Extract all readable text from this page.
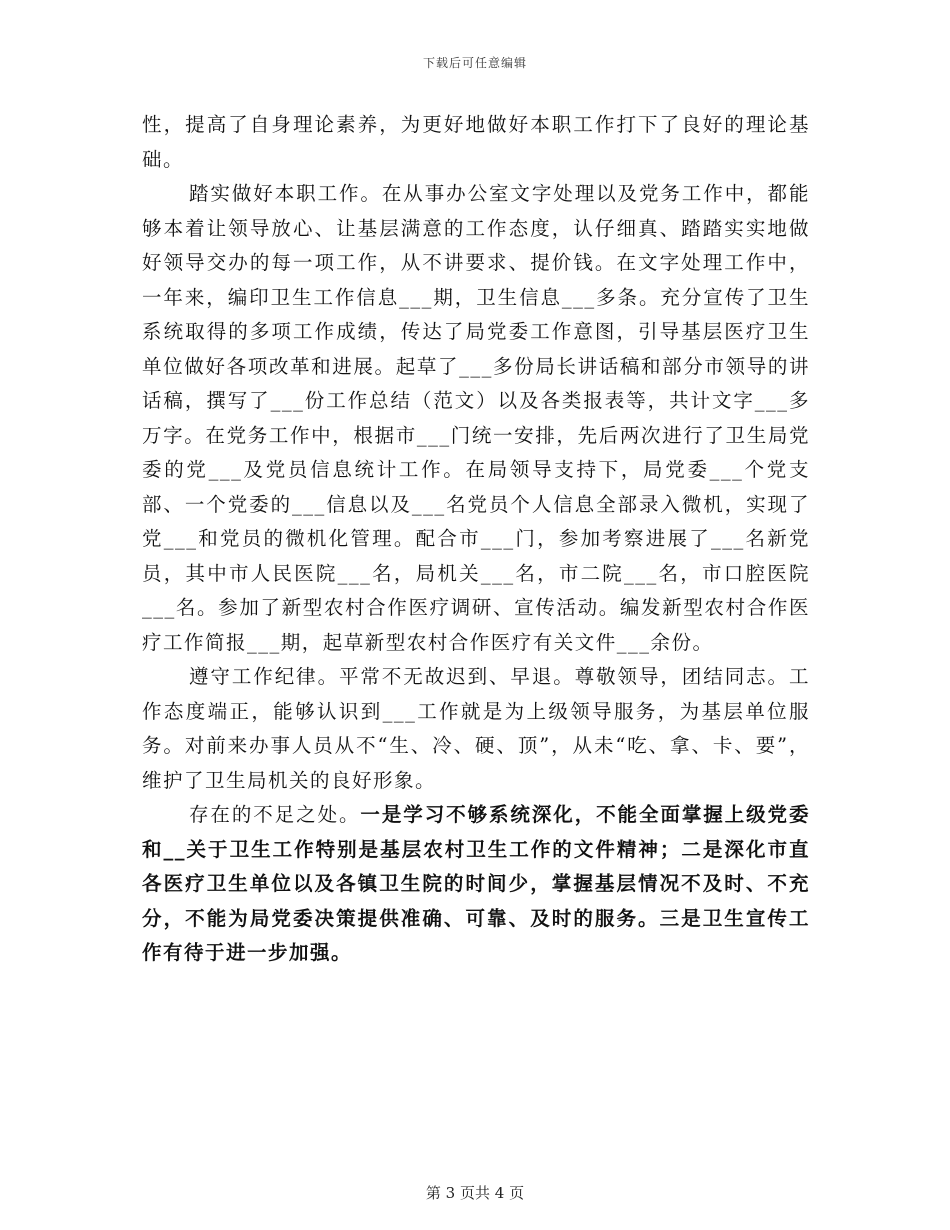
下载后可任意编辑

性，提高了自身理论素养，为更好地做好本职工作打下了良好的理论基础。

踏实做好本职工作。在从事办公室文字处理以及党务工作中，都能够本着让领导放心、让基层满意的工作态度，认仔细真、踏踏实实地做好领导交办的每一项工作，从不讲要求、提价钱。在文字处理工作中，一年来，编印卫生工作信息___期，卫生信息___多条。充分宣传了卫生系统取得的多项工作成绩，传达了局党委工作意图，引导基层医疗卫生单位做好各项改革和进展。起草了___多份局长讲话稿和部分市领导的讲话稿，撰写了___份工作总结（范文）以及各类报表等，共计文字___多万字。在党务工作中，根据市___门统一安排，先后两次进行了卫生局党委的党___及党员信息统计工作。在局领导支持下，局党委___个党支部、一个党委的___信息以及___名党员个人信息全部录入微机，实现了党___和党员的微机化管理。配合市___门，参加考察进展了___名新党员，其中市人民医院___名，局机关___名，市二院___名，市口腔医院___名。参加了新型农村合作医疗调研、宣传活动。编发新型农村合作医疗工作简报___期，起草新型农村合作医疗有关文件___余份。

遵守工作纪律。平常不无故迟到、早退。尊敬领导，团结同志。工作态度端正，能够认识到___工作就是为上级领导服务，为基层单位服务。对前来办事人员从不“生、冷、硬、顶”，从未“吃、拿、卡、要”，维护了卫生局机关的良好形象。

存在的不足之处。一是学习不够系统深化，不能全面掌握上级党委和__关于卫生工作特别是基层农村卫生工作的文件精神；二是深化市直各医疗卫生单位以及各镇卫生院的时间少，掌握基层情况不及时、不充分，不能为局党委决策提供准确、可靠、及时的服务。三是卫生宣传工作有待于进一步加强。

第 3 页共 4 页
